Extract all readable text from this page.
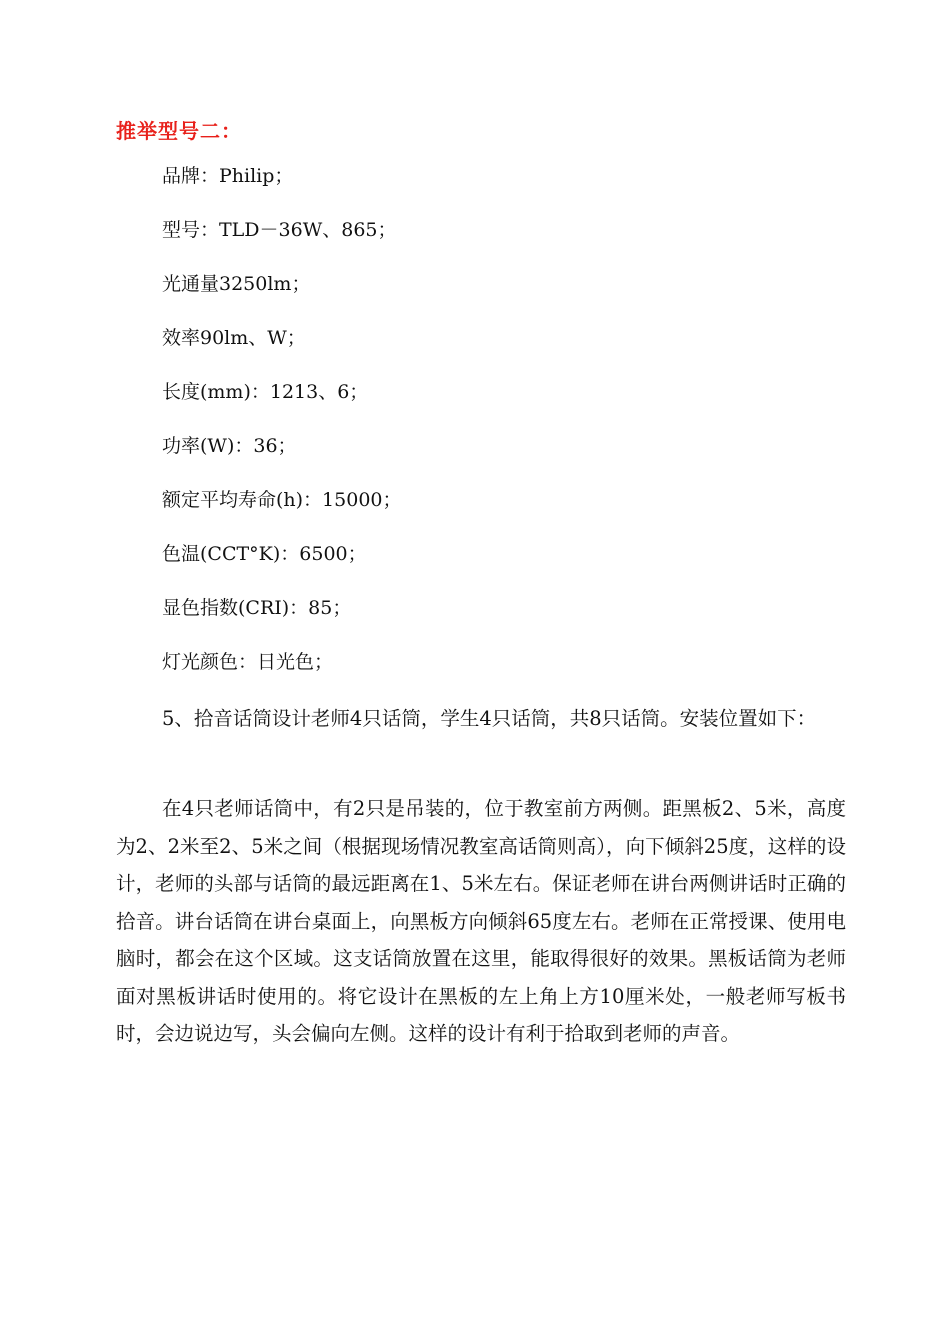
推举型号二：
品牌：Philip；
型号：TLD－36W、865；
光通量3250lm；
效率90lm、W；
长度(mm)：1213、6；
功率(W)：36；
额定平均寿命(h)：15000；
色温(CCT°K)：6500；
显色指数(CRI)：85；
灯光颜色：日光色；

5、拾音话筒设计老师4只话筒，学生4只话筒，共8只话筒。安装位置如下：

在4只老师话筒中，有2只是吊装的，位于教室前方两侧。距黑板2、5米，高度为2、2米至2、5米之间（根据现场情况教室高话筒则高），向下倾斜25度，这样的设计，老师的头部与话筒的最远距离在1、5米左右。保证老师在讲台两侧讲话时正确的拾音。讲台话筒在讲台桌面上，向黑板方向倾斜65度左右。老师在正常授课、使用电脑时，都会在这个区域。这支话筒放置在这里，能取得很好的效果。黑板话筒为老师面对黑板讲话时使用的。将它设计在黑板的左上角上方10厘米处，一般老师写板书时，会边说边写，头会偏向左侧。这样的设计有利于拾取到老师的声音。
